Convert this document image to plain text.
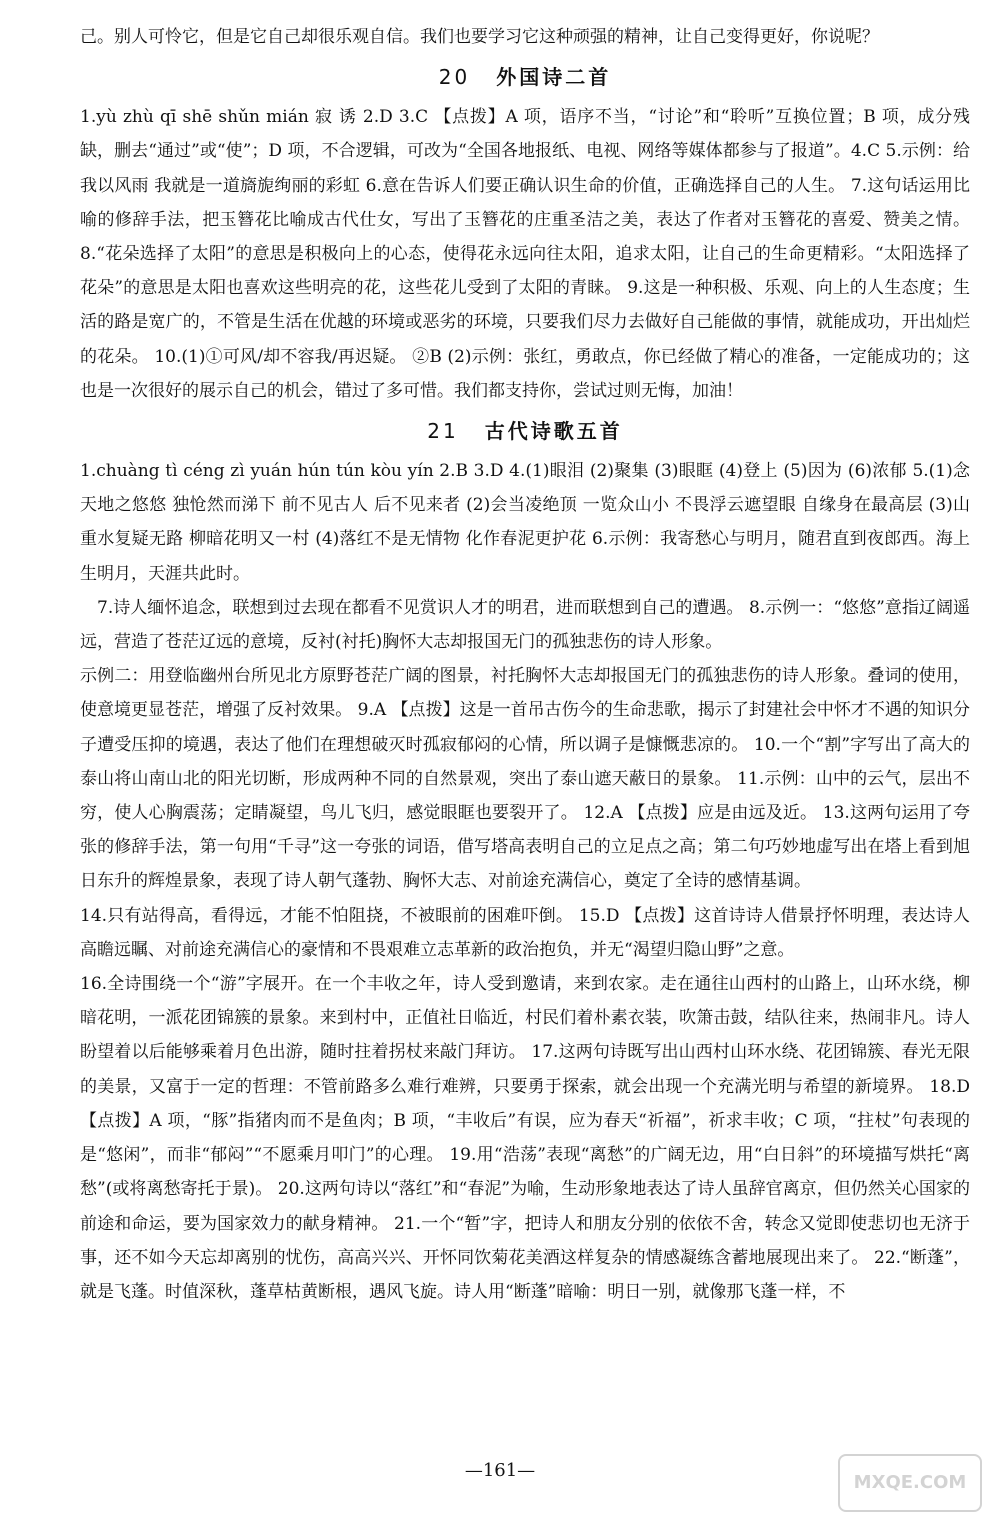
己。别人可怜它，但是它自己却很乐观自信。我们也要学习它这种顽强的精神，让自己变得更好，你说呢？

20 外国诗二首

1.yù zhù qī shē shǔn mián 寂 诱 2.D 3.C 【点拨】A 项，语序不当，“讨论”和“聆听”互换位置；B 项，成分残缺，删去“通过”或“使”；D 项，不合逻辑，可改为“全国各地报纸、电视、网络等媒体都参与了报道”。4.C 5.示例：给我以风雨 我就是一道旖旎绚丽的彩虹 6.意在告诉人们要正确认识生命的价值，正确选择自己的人生。 7.这句话运用比喻的修辞手法，把玉簪花比喻成古代仕女，写出了玉簪花的庄重圣洁之美，表达了作者对玉簪花的喜爱、赞美之情。 8.“花朵选择了太阳”的意思是积极向上的心态，使得花永远向往太阳，追求太阳，让自己的生命更精彩。“太阳选择了花朵”的意思是太阳也喜欢这些明亮的花，这些花儿受到了太阳的青睐。 9.这是一种积极、乐观、向上的人生态度；生活的路是宽广的，不管是生活在优越的环境或恶劣的环境，只要我们尽力去做好自己能做的事情，就能成功，开出灿烂的花朵。 10.(1)①可风/却不容我/再迟疑。 ②B (2)示例：张红，勇敢点，你已经做了精心的准备，一定能成功的；这也是一次很好的展示自己的机会，错过了多可惜。我们都支持你，尝试过则无悔，加油！

21 古代诗歌五首

1.chuàng tì céng zì yuán hún tún kòu yín 2.B 3.D 4.(1)眼泪 (2)聚集 (3)眼眶 (4)登上 (5)因为 (6)浓郁 5.(1)念天地之悠悠 独怆然而涕下 前不见古人 后不见来者 (2)会当凌绝顶 一览众山小 不畏浮云遮望眼 自缘身在最高层 (3)山重水复疑无路 柳暗花明又一村 (4)落红不是无情物 化作春泥更护花 6.示例：我寄愁心与明月，随君直到夜郎西。海上生明月，天涯共此时。

7.诗人缅怀追念，联想到过去现在都看不见赏识人才的明君，进而联想到自己的遭遇。 8.示例一：“悠悠”意指辽阔遥远，营造了苍茫辽远的意境，反衬(衬托)胸怀大志却报国无门的孤独悲伤的诗人形象。

示例二：用登临幽州台所见北方原野苍茫广阔的图景，衬托胸怀大志却报国无门的孤独悲伤的诗人形象。叠词的使用，使意境更显苍茫，增强了反衬效果。 9.A 【点拨】这是一首吊古伤今的生命悲歌，揭示了封建社会中怀才不遇的知识分子遭受压抑的境遇，表达了他们在理想破灭时孤寂郁闷的心情，所以调子是慷慨悲凉的。 10.一个“割”字写出了高大的泰山将山南山北的阳光切断，形成两种不同的自然景观，突出了泰山遮天蔽日的景象。 11.示例：山中的云气，层出不穷，使人心胸震荡；定睛凝望，鸟儿飞归，感觉眼眶也要裂开了。 12.A 【点拨】应是由远及近。 13.这两句运用了夸张的修辞手法，第一句用“千寻”这一夸张的词语，借写塔高表明自己的立足点之高；第二句巧妙地虚写出在塔上看到旭日东升的辉煌景象，表现了诗人朝气蓬勃、胸怀大志、对前途充满信心，奠定了全诗的感情基调。

14.只有站得高，看得远，才能不怕阻挠，不被眼前的困难吓倒。 15.D 【点拨】这首诗诗人借景抒怀明理，表达诗人高瞻远瞩、对前途充满信心的豪情和不畏艰难立志革新的政治抱负，并无“渴望归隐山野”之意。

16.全诗围绕一个“游”字展开。在一个丰收之年，诗人受到邀请，来到农家。走在通往山西村的山路上，山环水绕，柳暗花明，一派花团锦簇的景象。来到村中，正值社日临近，村民们着朴素衣装，吹箫击鼓，结队往来，热闹非凡。诗人盼望着以后能够乘着月色出游，随时拄着拐杖来敲门拜访。 17.这两句诗既写出山西村山环水绕、花团锦簇、春光无限的美景，又富于一定的哲理：不管前路多么难行难辨，只要勇于探索，就会出现一个充满光明与希望的新境界。 18.D 【点拨】A 项，“豚”指猪肉而不是鱼肉；B 项，“丰收后”有误，应为春天“祈福”，祈求丰收；C 项，“拄杖”句表现的是“悠闲”，而非“郁闷”“不愿乘月叩门”的心理。 19.用“浩荡”表现“离愁”的广阔无边，用“白日斜”的环境描写烘托“离愁”(或将离愁寄托于景)。 20.这两句诗以“落红”和“春泥”为喻，生动形象地表达了诗人虽辞官离京，但仍然关心国家的前途和命运，要为国家效力的献身精神。 21.一个“暂”字，把诗人和朋友分别的依依不舍，转念又觉即使悲切也无济于事，还不如今天忘却离别的忧伤，高高兴兴、开怀同饮菊花美酒这样复杂的情感凝练含蓄地展现出来了。 22.“断蓬”，就是飞蓬。时值深秋，蓬草枯黄断根，遇风飞旋。诗人用“断蓬”暗喻：明日一别，就像那飞蓬一样，不

—161—
MXQE.COM
